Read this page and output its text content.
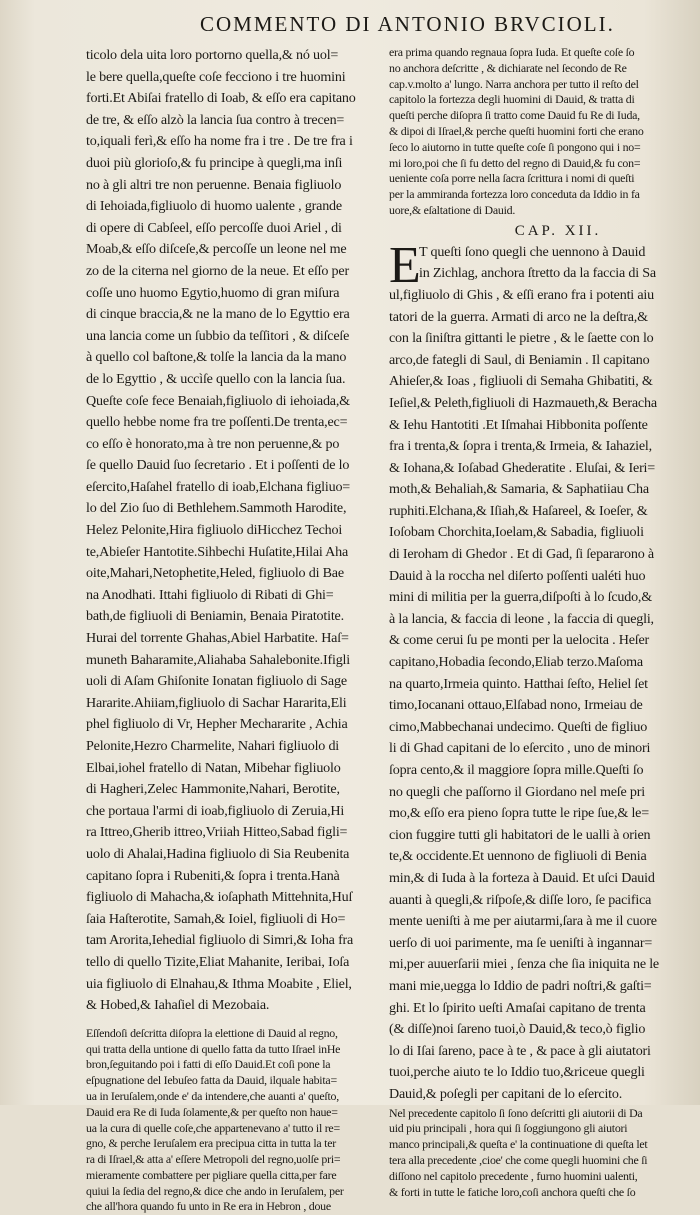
COMMENTO DI ANTONIO BRVCIOLI.
ticolo dela uita loro portorno quella,& nó uol=
le bere quella,queſte coſe fecciono i tre huomini
forti.Et Abiſai fratello di Ioab, & eſſo era capitano
de tre, & eſſo alzò la lancia ſua contro à trecen=
to,iquali ferì,& eſſo ha nome fra i tre . De tre fra i
duoi più glorioſo,& fu principe à quegli,ma inſi
no à gli altri tre non peruenne. Benaia figliuolo
di Iehoiada,figliuolo di huomo ualente , grande
di opere di Cabſeel, eſſo percoſſe duoi Ariel , di
Moab,& eſſo diſceſe,& percoſſe un leone nel me
zo de la citerna nel giorno de la neue. Et eſſo per
coſſe uno huomo Egytio,huomo di gran miſura
di cinque braccia,& ne la mano de lo Egyttio era
una lancia come un ſubbio da teſſitori , & diſceſe
à quello col baſtone,& tolſe la lancia da la mano
de lo Egyttio , & uccìſe quello con la lancia ſua.
Queſte coſe fece Benaiah,figliuolo di iehoiada,&
quello hebbe nome fra tre poſſenti.De trenta,ec=
co eſſo è honorato,ma à tre non peruenne,& po
ſe quello Dauid ſuo ſecretario . Et i poſſenti de lo
eſercito,Haſahel fratello di ioab,Elchana figliuo=
lo del Zio ſuo di Bethlehem.Sammoth Harodite,
Helez Pelonite,Hira figliuolo diHicchez Techoi
te,Abieſer Hantotite.Sihbechi Huſatite,Hilai Aha
oite,Mahari,Netophetite,Heled, figliuolo di Bae
na Anodhati. Ittahi figliuolo di Ribati di Ghi=
bath,de figliuoli di Beniamin, Benaia Piratotite.
Hurai del torrente Ghahas,Abiel Harbatite. Haſ=
muneth Baharamite,Aliahaba Sahalebonite.Ifigli
uoli di Aſam Ghiſonite Ionatan figliuolo di Sage
Hararite.Ahiiam,figliuolo di Sachar Hararita,Eli
phel figliuolo di Vr, Hepher Mechararite , Achia
Pelonite,Hezro Charmelite, Nahari figliuolo di
Elbai,iohel fratello di Natan, Mibehar figliuolo
di Hagheri,Zelec Hammonite,Nahari, Berotite,
che portaua l'armi di ioab,figliuolo di Zeruia,Hi
ra Ittreo,Gherib ittreo,Vriiah Hitteo,Sabad figli=
uolo di Ahalai,Hadina figliuolo di Sia Reubenita
capitano ſopra i Rubeniti,& ſopra i trenta.Hanà
figliuolo di Mahacha,& ioſaphath Mittehnita,Huſ
ſaia Haſterotite, Samah,& Ioiel, figliuoli di Ho=
tam Arorita,Iehedial figliuolo di Simri,& Ioha fra
tello di quello Tizite,Eliat Mahanite, Ieribai, Ioſa
uia figliuolo di Elnahau,& Ithma Moabite , Eliel,
& Hobed,& Iahaſiel di Mezobaia.
Eſſendoſi deſcritta diſopra la elettione di Dauid al regno,
qui tratta della untione di quello fatta da tutto Iſrael inHe
bron,ſeguitando poi i fatti di eſſo Dauid.Et coſi pone la
eſpugnatione del Iebuſeo fatta da Dauid, ilquale habita=
ua in Ieruſalem,onde e' da intendere,che auanti a' queſto,
Dauid era Re di Iuda ſolamente,& per queſto non haue=
ua la cura di quelle coſe,che appartenevano a' tutto il re=
gno, & perche Ieruſalem era precipua citta in tutta la ter
ra di Iſrael,& atta a' eſſere Metropoli del regno,uolſe pri=
mieramente combattere per pigliare quella citta,per fare
quiui la ſedia del regno,& dice che ando in Ieruſalem, per
che all'hora quando fu unto in Re era in Hebron , doue
era prima quando regnaua ſopra Iuda. Et queſte coſe ſo
no anchora deſcritte , & dichiarate nel ſecondo de Re
cap.v.molto a' lungo. Narra anchora per tutto il reſto del
capitolo la fortezza degli huomini di Dauid, & tratta di
queſti perche diſopra ſi tratto come Dauid fu Re di Iuda,
& dipoi di Iſrael,& perche queſti huomini forti che erano
ſeco lo aiutorno in tutte queſte coſe ſi pongono qui i no=
mi loro,poi che ſi fu detto del regno di Dauid,& fu con=
ueniente coſa porre nella ſacra ſcrittura i nomi di queſti
per la ammiranda fortezza loro conceduta da Iddio in fa
uore,& eſaltatione di Dauid.
CAP. XII.
E
T queſti ſono quegli che uennono à Dauid
in Zichlag, anchora ſtretto da la faccia di Sa
ul,figliuolo di Ghis , & eſſi erano fra i potenti aiu
tatori de la guerra. Armati di arco ne la deſtra,&
con la ſiniſtra gittanti le pietre , & le ſaette con lo
arco,de fategli di Saul, di Beniamin . Il capitano
Ahieſer,& Ioas , figliuoli di Semaha Ghibatiti, &
Ieſiel,& Peleth,figliuoli di Hazmaueth,& Beracha
& Iehu Hantotiti .Et Iſmahai Hibbonita poſſente
fra i trenta,& ſopra i trenta,& Irmeia, & Iahaziel,
& Iohana,& Ioſabad Ghederatite . Eluſai, & Ieri=
moth,& Behaliah,& Samaria, & Saphatiiau Cha
ruphiti.Elchana,& Iſiah,& Haſareel, & Ioeſer, &
Ioſobam Chorchita,Ioelam,& Sabadia, figliuoli
di Ieroham di Ghedor . Et di Gad, ſi ſepararono à
Dauid à la roccha nel diſerto poſſenti ualéti huo
mini di militia per la guerra,diſpoſti à lo ſcudo,&
à la lancia, & faccia di leone , la faccia di quegli,
& come cerui ſu pe monti per la uelocita . Heſer
capitano,Hobadia ſecondo,Eliab terzo.Maſoma
na quarto,Irmeia quinto. Hatthai ſeſto, Heliel ſet
timo,Iocanani ottauo,Elſabad nono, Irmeiau de
cimo,Mabbechanai undecimo. Queſti de figliuo
li di Ghad capitani de lo eſercito , uno de minori
ſopra cento,& il maggiore ſopra mille.Queſti ſo
no quegli che paſſorno il Giordano nel meſe pri
mo,& eſſo era pieno ſopra tutte le ripe ſue,& le=
cion fuggire tutti gli habitatori de le ualli à orien
te,& occidente.Et uennono de figliuoli di Benia
min,& di Iuda à la forteza à Dauid. Et uſci Dauid
auanti à quegli,& riſpoſe,& diſſe loro, ſe pacifica
mente ueniſti à me per aiutarmi,ſara à me il cuore
uerſo di uoi parimente, ma ſe ueniſti à ingannar=
mi,per auuerſarii miei , ſenza che ſia iniquita ne le
mani mie,uegga lo Iddio de padri noſtri,& gaſti=
ghi. Et lo ſpirito ueſti Amaſai capitano de trenta
(& diſſe)noi ſareno tuoi,ò Dauid,& teco,ò figlio
lo di Iſai ſareno, pace à te , & pace à gli aiutatori
tuoi,perche aiuto te lo Iddio tuo,&riceue quegli
Dauid,& poſegli per capitani de lo eſercito.
Nel precedente capitolo ſi ſono deſcritti gli aiutorii di Da
uid piu principali , hora qui ſi ſoggiungono gli aiutori
manco principali,& queſta e' la continuatione di queſta let
tera alla precedente ,cioe' che come quegli huomini che ſi
diſſono nel capitolo precedente , furno huomini ualenti,
& forti in tutte le fatiche loro,coſi anchora queſti che ſo
